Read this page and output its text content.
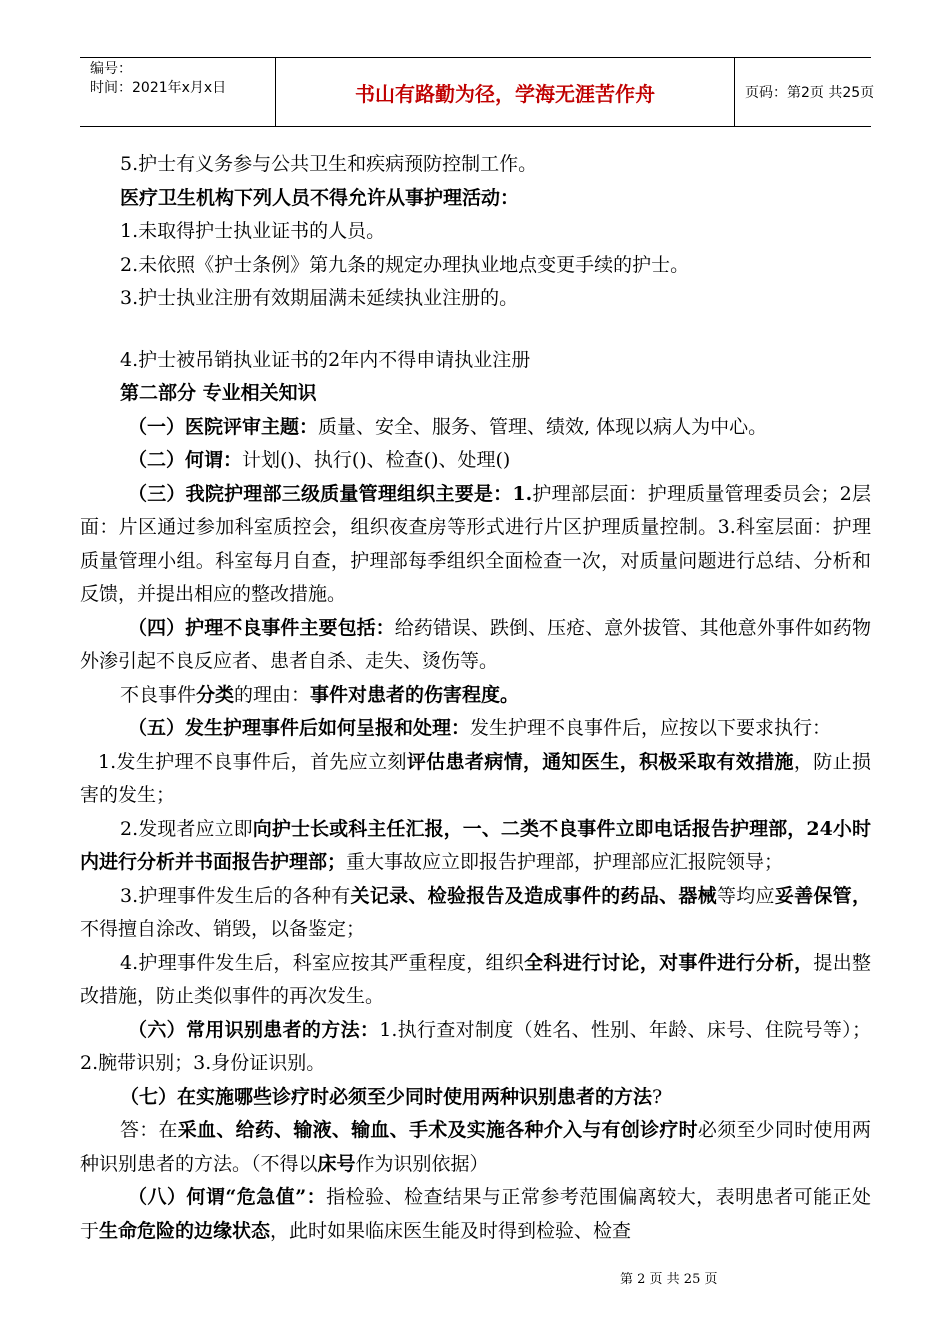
编号：
时间：2021年x月x日	书山有路勤为径，学海无涯苦作舟	页码：第2页 共25页

5.护士有义务参与公共卫生和疾病预防控制工作。

医疗卫生机构下列人员不得允许从事护理活动：

1.未取得护士执业证书的人员。

2.未依照《护士条例》第九条的规定办理执业地点变更手续的护士。

3.护士执业注册有效期届满未延续执业注册的。

4.护士被吊销执业证书的2年内不得申请执业注册

第二部分 专业相关知识

（一）医院评审主题：质量、安全、服务、管理、绩效, 体现以病人为中心。

（二）何谓：计划()、执行()、检查()、处理()

（三）我院护理部三级质量管理组织主要是：1.护理部层面：护理质量管理委员会；2层面：片区通过参加科室质控会，组织夜查房等形式进行片区护理质量控制。3.科室层面：护理质量管理小组。科室每月自查，护理部每季组织全面检查一次，对质量问题进行总结、分析和反馈，并提出相应的整改措施。

（四）护理不良事件主要包括：给药错误、跌倒、压疮、意外拔管、其他意外事件如药物外渗引起不良反应者、患者自杀、走失、烫伤等。

不良事件分类的理由：事件对患者的伤害程度。

（五）发生护理事件后如何呈报和处理：发生护理不良事件后，应按以下要求执行：

1.发生护理不良事件后，首先应立刻评估患者病情，通知医生，积极采取有效措施，防止损害的发生；

2.发现者应立即向护士长或科主任汇报，一、二类不良事件立即电话报告护理部，24小时内进行分析并书面报告护理部；重大事故应立即报告护理部，护理部应汇报院领导；

3.护理事件发生后的各种有关记录、检验报告及造成事件的药品、器械等均应妥善保管，不得擅自涂改、销毁，以备鉴定；

4.护理事件发生后，科室应按其严重程度，组织全科进行讨论，对事件进行分析，提出整改措施，防止类似事件的再次发生。

（六）常用识别患者的方法：1.执行查对制度（姓名、性别、年龄、床号、住院号等）； 2.腕带识别；3.身份证识别。

（七）在实施哪些诊疗时必须至少同时使用两种识别患者的方法?

答：在采血、给药、输液、输血、手术及实施各种介入与有创诊疗时必须至少同时使用两种识别患者的方法。（不得以床号作为识别依据）

（八）何谓“危急值”：指检验、检查结果与正常参考范围偏离较大，表明患者可能正处于生命危险的边缘状态，此时如果临床医生能及时得到检验、检查

第 2 页 共 25 页
